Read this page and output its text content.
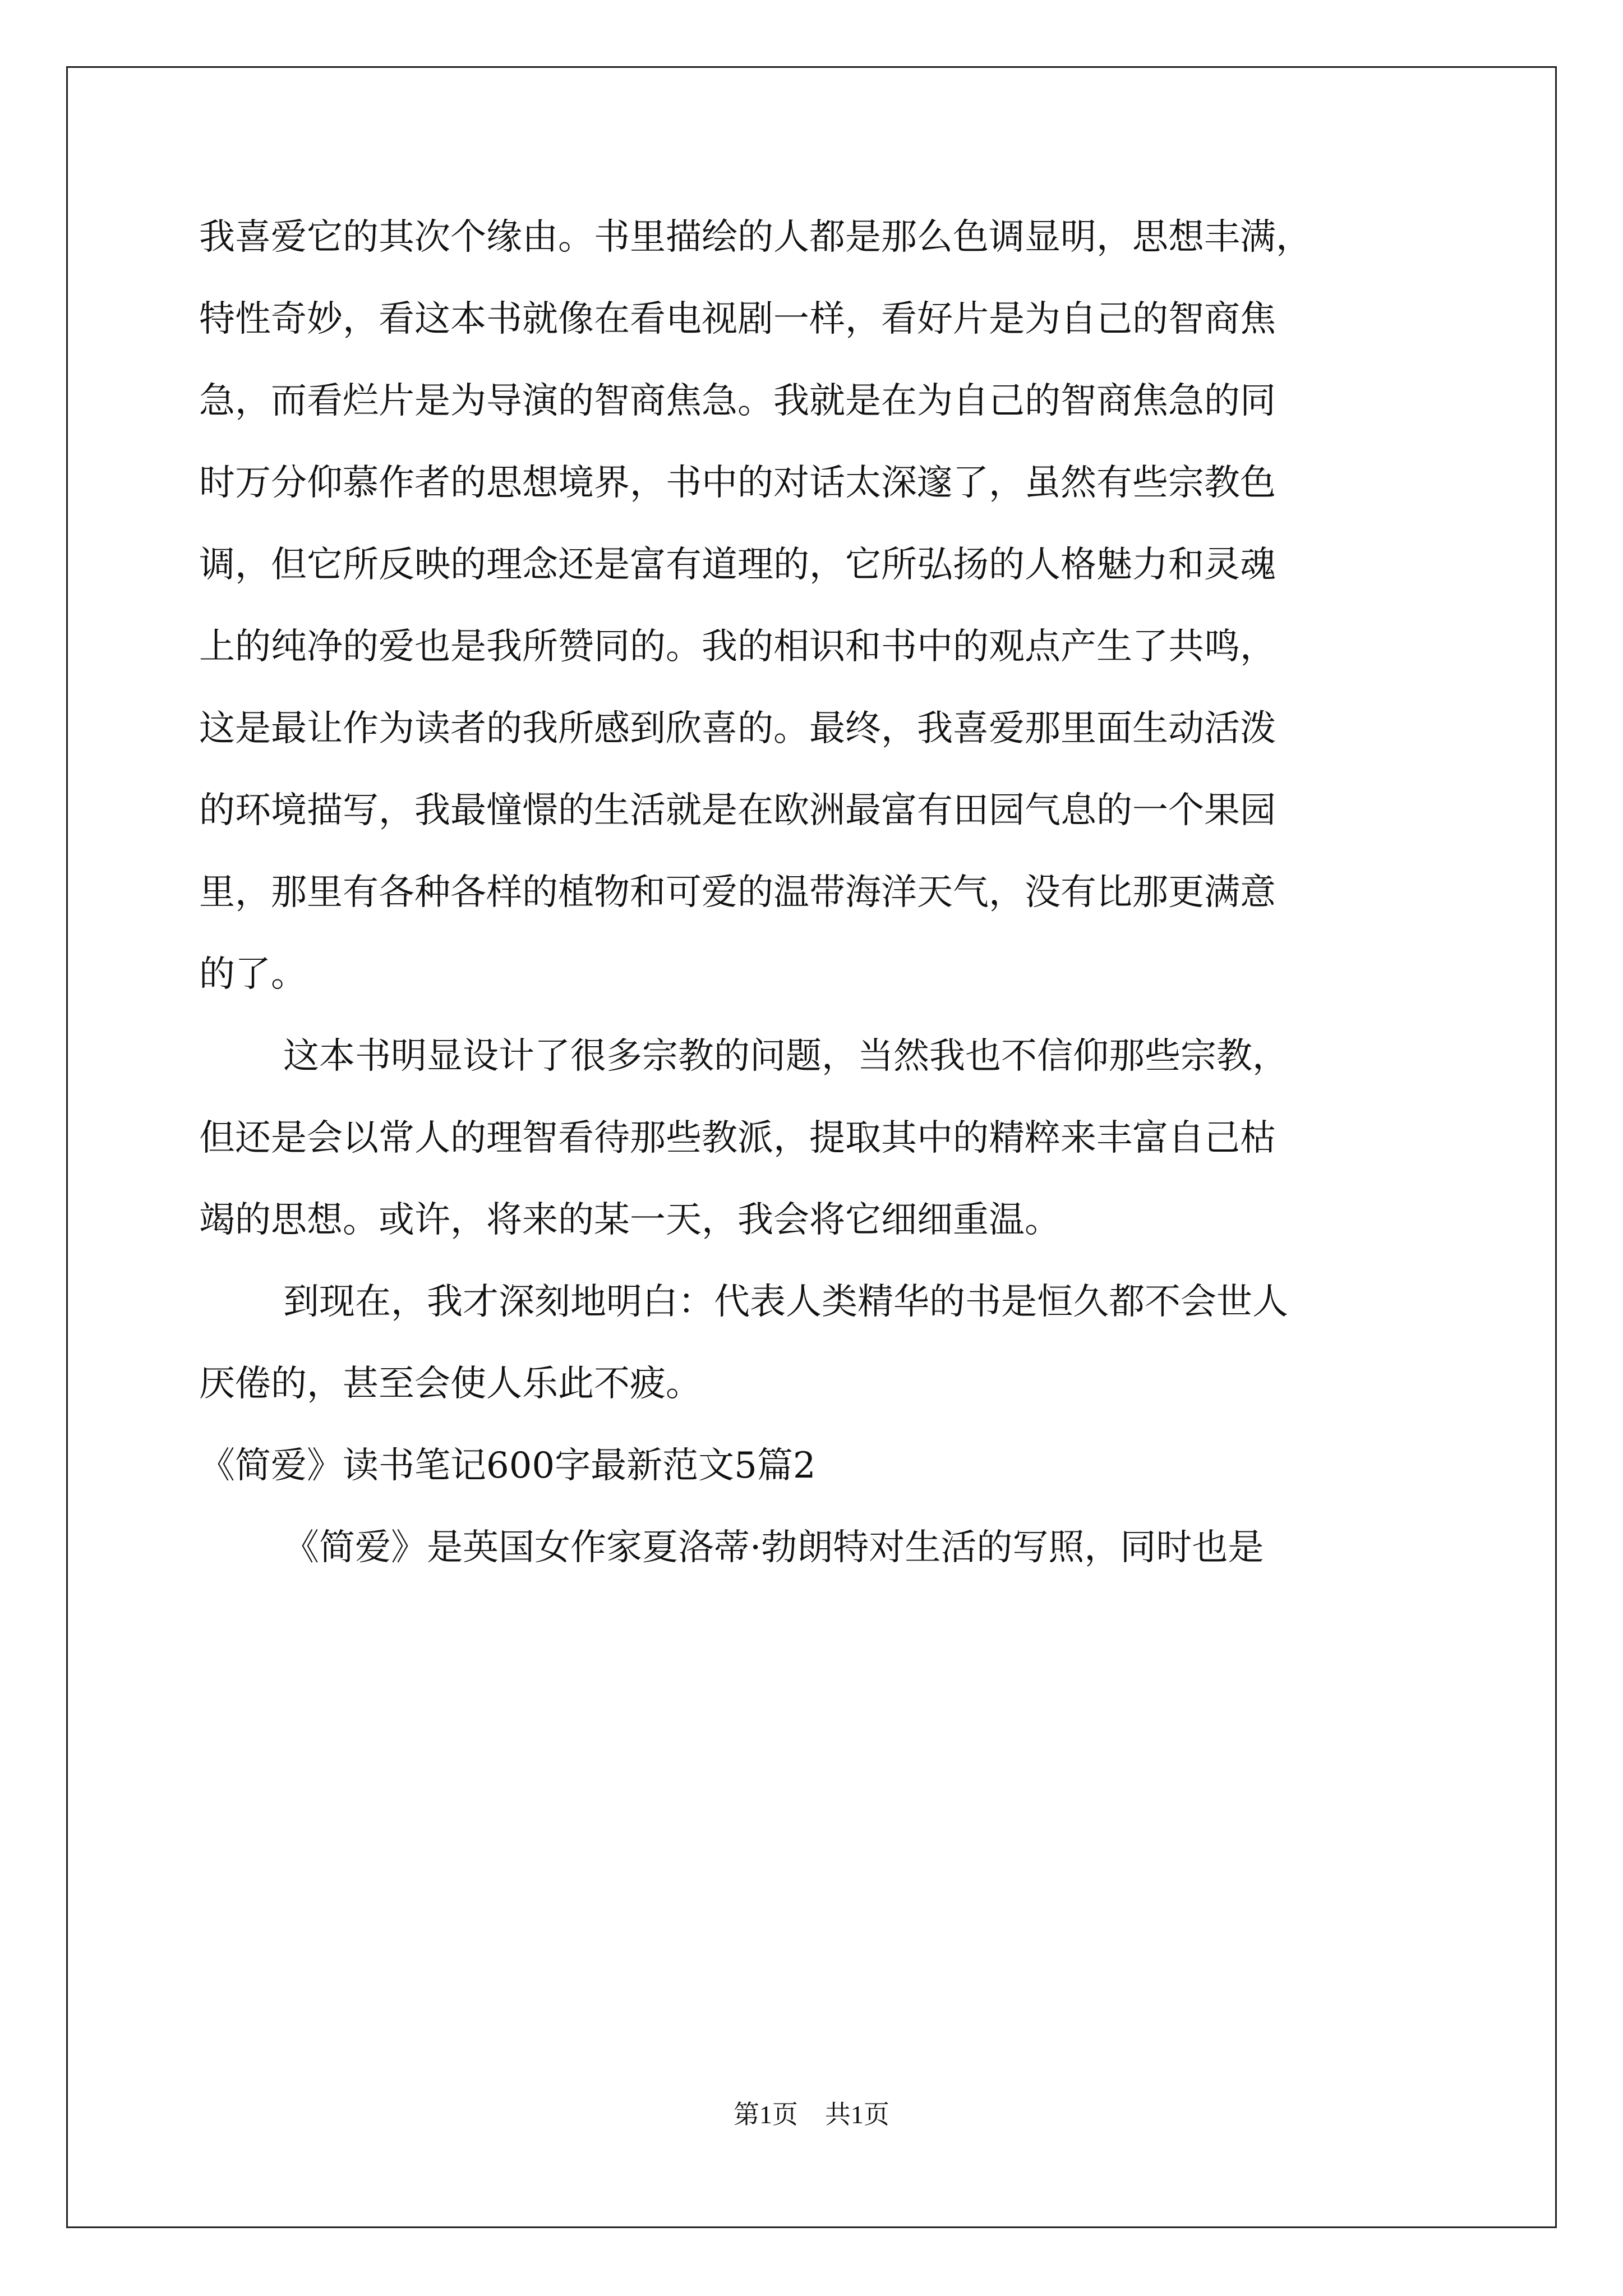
我喜爱它的其次个缘由。书里描绘的人都是那么色调显明，思想丰满，
特性奇妙，看这本书就像在看电视剧一样，看好片是为自己的智商焦
急，而看烂片是为导演的智商焦急。我就是在为自己的智商焦急的同
时万分仰慕作者的思想境界，书中的对话太深邃了，虽然有些宗教色
调，但它所反映的理念还是富有道理的，它所弘扬的人格魅力和灵魂
上的纯净的爱也是我所赞同的。我的相识和书中的观点产生了共鸣，
这是最让作为读者的我所感到欣喜的。最终，我喜爱那里面生动活泼
的环境描写，我最憧憬的生活就是在欧洲最富有田园气息的一个果园
里，那里有各种各样的植物和可爱的温带海洋天气，没有比那更满意
的了。

这本书明显设计了很多宗教的问题，当然我也不信仰那些宗教，
但还是会以常人的理智看待那些教派，提取其中的精粹来丰富自己枯
竭的思想。或许，将来的某一天，我会将它细细重温。

到现在，我才深刻地明白：代表人类精华的书是恒久都不会世人
厌倦的，甚至会使人乐此不疲。

《简爱》读书笔记600字最新范文5篇2

《简爱》是英国女作家夏洛蒂·勃朗特对生活的写照，同时也是

第1页 共1页
